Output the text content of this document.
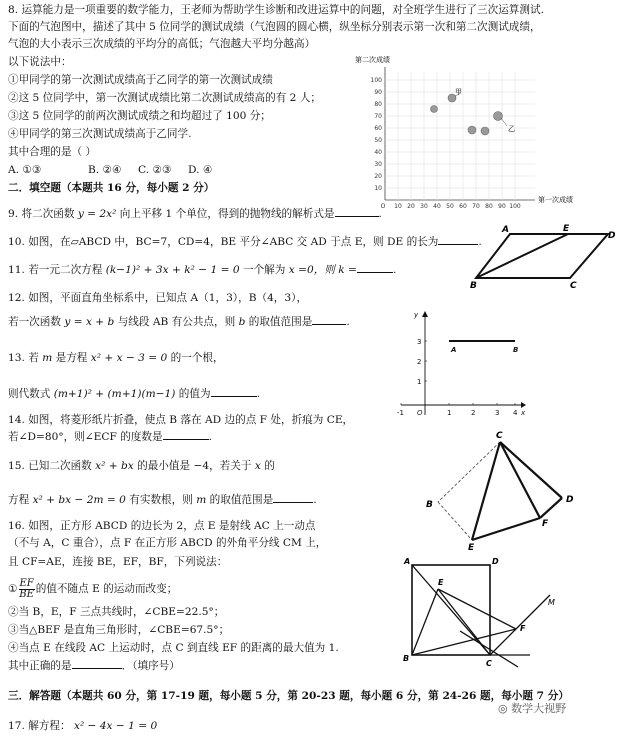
8. 运算能力是一项重要的数学能力，王老师为帮助学生诊断和改进运算中的问题，对全班学生进行了三次运算测试.
下面的气泡图中，描述了其中 5 位同学的测试成绩（气泡圆的圆心横，纵坐标分别表示第一次和第二次测试成绩，
气泡的大小表示三次成绩的平均分的高低；气泡越大平均分越高）
以下说法中：
①甲同学的第一次测试成绩高于乙同学的第一次测试成绩
②这 5 位同学中，第一次测试成绩比第二次测试成绩高的有 2 人；
③这 5 位同学的前两次测试成绩之和均超过了 100 分；
④甲同学的第三次测试成绩高于乙同学.
其中合理的是（ ）
A. ①③	B. ②④ C. ②③ D. ④
第二次成绩
100
90
80
70
60
50
40
30
20
10
O 10 20 30 40 50 60 70 80 90 100
第一次成绩
甲
乙
二．填空题（本题共 16 分，每小题 2 分）
9. 将二次函数 y = 2x² 向上平移 1 个单位，得到的抛物线的解析式是	.
10. 如图，在▱ABCD 中，BC=7，CD=4，BE 平分∠ABC 交 AD 于点 E，则 DE 的长为	.
A	E
D
B	C
11. 若一元二次方程 (k−1)² + 3x + k² − 1 = 0 一个解为 x =0，则 k =	.
12. 如图，平面直角坐标系中，已知点 A（1，3），B（4，3），
若一次函数 y = x + b 与线段 AB 有公共点，则 b 的取值范围是	.
y
x
O
-1	1	2	3 4
1
2
3
A	B
13. 若 m 是方程 x² + x − 3 = 0 的一个根，
则代数式 (m+1)² + (m+1)(m−1) 的值为	.
14. 如图，将菱形纸片折叠，使点 B 落在 AD 边的点 F 处，折痕为 CE，
若∠D=80°，则∠ECF 的度数是	.
15. 已知二次函数 x² + bx 的最小值是 −4，若关于 x 的
方程 x² + bx − 2m = 0 有实数根，则 m 的取值范围是	.
C
B	D
F
E
16. 如图，正方形 ABCD 的边长为 2，点 E 是射线 AC 上一动点
（不与 A，C 重合），点 F 在正方形 ABCD 的外角平分线 CM 上，
且 CF=AE，连接 BE，EF，BF，下列说法：
① $\frac{EF}{BE}$ 的值不随点 E 的运动而改变；
②当 B，E，F 三点共线时，∠CBE=22.5°；
③当△BEF 是直角三角形时，∠CBE=67.5°；
④当点 E 在线段 AC 上运动时，点 C 到直线 EF 的距离的最大值为 1.
其中正确的是	．（填序号）
A	D
B
C
E
F
M
三．解答题（本题共 60 分，第 17-19 题，每小题 5 分，第 20-23 题，每小题 6 分，第 24-26 题，每小题 7 分）
17. 解方程： x² − 4x − 1 = 0
◎ 数学大视野
